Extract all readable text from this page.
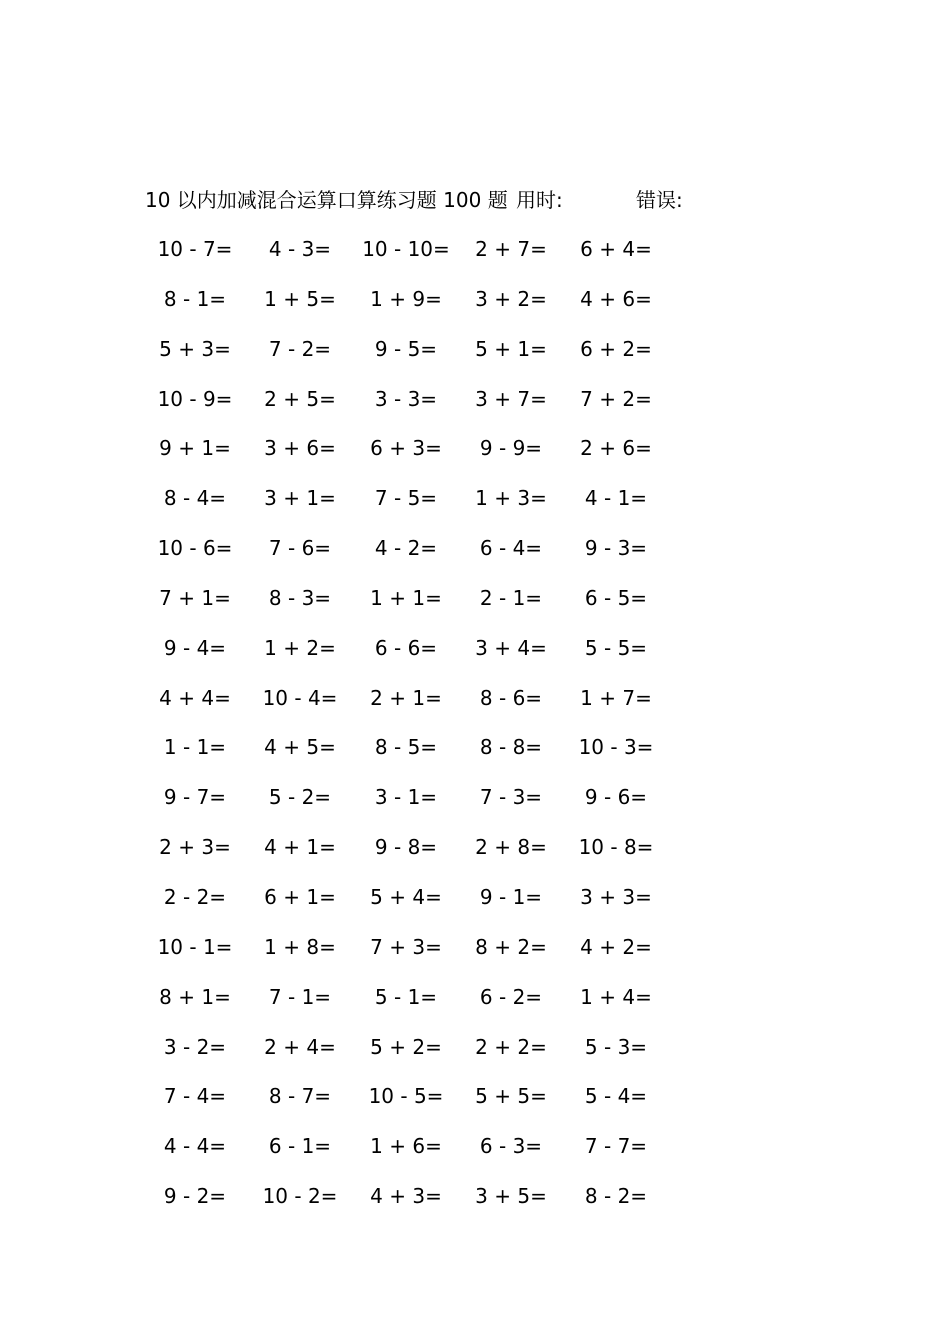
10 以内加减混合运算口算练习题 100 题 用时:	错误:
10 - 7=	4 - 3=	10 - 10=	2 + 7=	6 + 4=
8 - 1=	1 + 5=	1 + 9=	3 + 2=	4 + 6=
5 + 3=	7 - 2=	9 - 5=	5 + 1=	6 + 2=
10 - 9=	2 + 5=	3 - 3=	3 + 7=	7 + 2=
9 + 1=	3 + 6=	6 + 3=	9 - 9=	2 + 6=
8 - 4=	3 + 1=	7 - 5=	1 + 3=	4 - 1=
10 - 6=	7 - 6=	4 - 2=	6 - 4=	9 - 3=
7 + 1=	8 - 3=	1 + 1=	2 - 1=	6 - 5=
9 - 4=	1 + 2=	6 - 6=	3 + 4=	5 - 5=
4 + 4=	10 - 4=	2 + 1=	8 - 6=	1 + 7=
1 - 1=	4 + 5=	8 - 5=	8 - 8=	10 - 3=
9 - 7=	5 - 2=	3 - 1=	7 - 3=	9 - 6=
2 + 3=	4 + 1=	9 - 8=	2 + 8=	10 - 8=
2 - 2=	6 + 1=	5 + 4=	9 - 1=	3 + 3=
10 - 1=	1 + 8=	7 + 3=	8 + 2=	4 + 2=
8 + 1=	7 - 1=	5 - 1=	6 - 2=	1 + 4=
3 - 2=	2 + 4=	5 + 2=	2 + 2=	5 - 3=
7 - 4=	8 - 7=	10 - 5=	5 + 5=	5 - 4=
4 - 4=	6 - 1=	1 + 6=	6 - 3=	7 - 7=
9 - 2=	10 - 2=	4 + 3=	3 + 5=	8 - 2=
